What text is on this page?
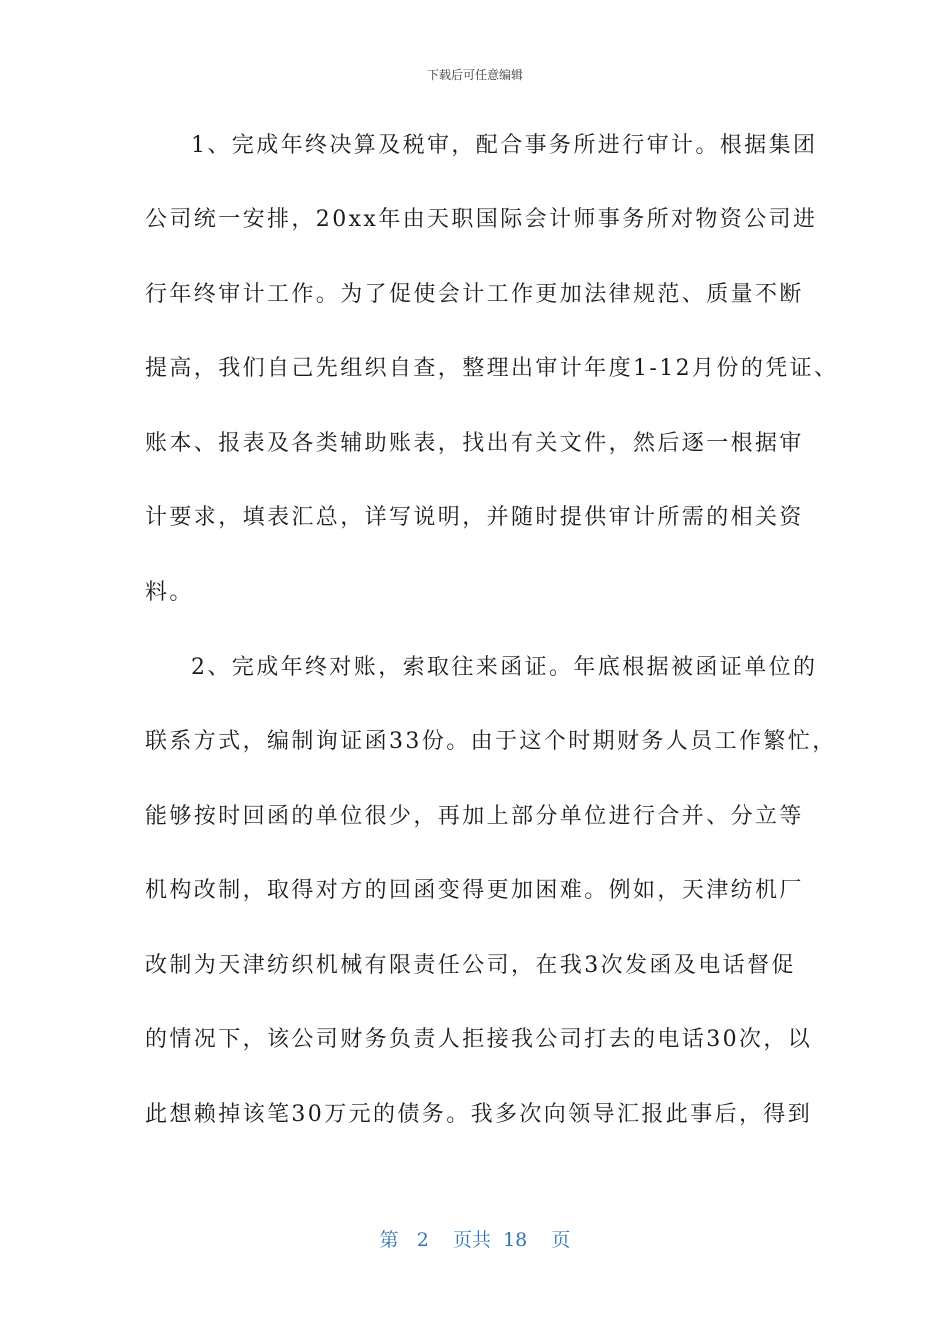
下载后可任意编辑
1、完成年终决算及税审，配合事务所进行审计。根据集团
公司统一安排，20xx年由天职国际会计师事务所对物资公司进
行年终审计工作。为了促使会计工作更加法律规范、质量不断
提高，我们自己先组织自查，整理出审计年度1-12月份的凭证、
账本、报表及各类辅助账表，找出有关文件，然后逐一根据审
计要求，填表汇总，详写说明，并随时提供审计所需的相关资
料。
2、完成年终对账，索取往来函证。年底根据被函证单位的
联系方式，编制询证函33份。由于这个时期财务人员工作繁忙，
能够按时回函的单位很少，再加上部分单位进行合并、分立等
机构改制，取得对方的回函变得更加困难。例如，天津纺机厂
改制为天津纺织机械有限责任公司，在我3次发函及电话督促
的情况下，该公司财务负责人拒接我公司打去的电话30次，以
此想赖掉该笔30万元的债务。我多次向领导汇报此事后，得到
第 2 页共 18 页
